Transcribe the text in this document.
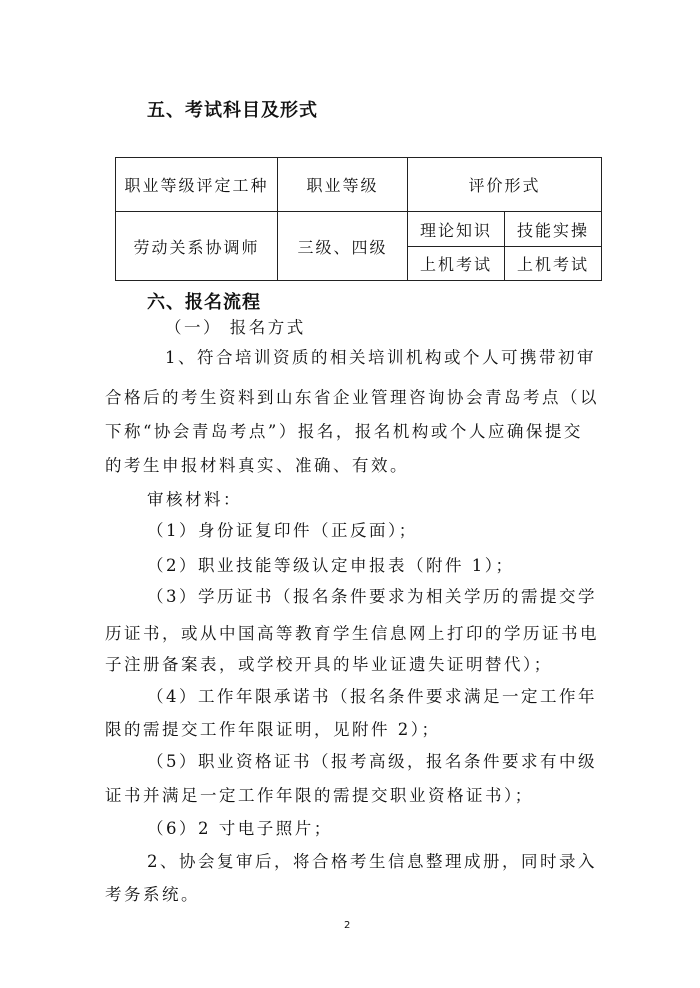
五、考试科目及形式
职业等级评定工种	职业等级	评价形式	
劳动关系协调师	三级、四级	理论知识	技能实操
		上机考试	上机考试
六、报名流程
（一） 报名方式
1、符合培训资质的相关培训机构或个人可携带初审
合格后的考生资料到山东省企业管理咨询协会青岛考点（以
下称“协会青岛考点”）报名，报名机构或个人应确保提交
的考生申报材料真实、准确、有效。
审核材料：
（1）身份证复印件（正反面）；
（2）职业技能等级认定申报表（附件 1）；
（3）学历证书（报名条件要求为相关学历的需提交学
历证书，或从中国高等教育学生信息网上打印的学历证书电
子注册备案表，或学校开具的毕业证遗失证明替代）；
（4）工作年限承诺书（报名条件要求满足一定工作年
限的需提交工作年限证明，见附件 2）；
（5）职业资格证书（报考高级，报名条件要求有中级
证书并满足一定工作年限的需提交职业资格证书）；
（6）2 寸电子照片；
2、协会复审后，将合格考生信息整理成册，同时录入
考务系统。
2
